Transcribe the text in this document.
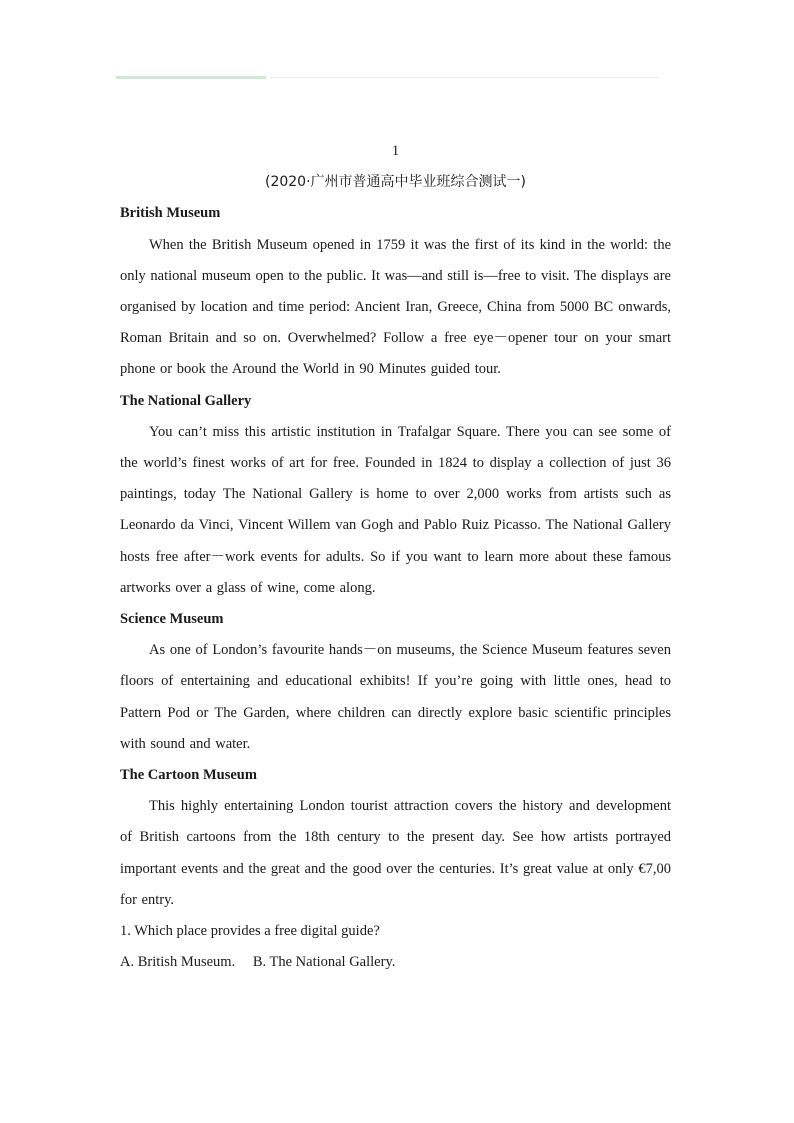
1

(2020·广州市普通高中毕业班综合测试一)

British Museum

When the British Museum opened in 1759 it was the first of its kind in the world: the only national museum open to the public. It was—and still is—free to visit. The displays are organised by location and time period: Ancient Iran, Greece, China from 5000 BC onwards, Roman Britain and so on. Overwhelmed? Follow a free eye－opener tour on your smart phone or book the Around the World in 90 Minutes guided tour.

The National Gallery

You can’t miss this artistic institution in Trafalgar Square. There you can see some of the world’s finest works of art for free. Founded in 1824 to display a collection of just 36 paintings, today The National Gallery is home to over 2,000 works from artists such as Leonardo da Vinci, Vincent Willem van Gogh and Pablo Ruiz Picasso. The National Gallery hosts free after－work events for adults. So if you want to learn more about these famous artworks over a glass of wine, come along.

Science Museum

As one of London’s favourite hands－on museums, the Science Museum features seven floors of entertaining and educational exhibits! If you’re going with little ones, head to Pattern Pod or The Garden, where children can directly explore basic scientific principles with sound and water.

The Cartoon Museum

This highly entertaining London tourist attraction covers the history and development of British cartoons from the 18th century to the present day. See how artists portrayed important events and the great and the good over the centuries. It’s great value at only €7,00 for entry.

1. Which place provides a free digital guide?

A. British Museum. B. The National Gallery.
